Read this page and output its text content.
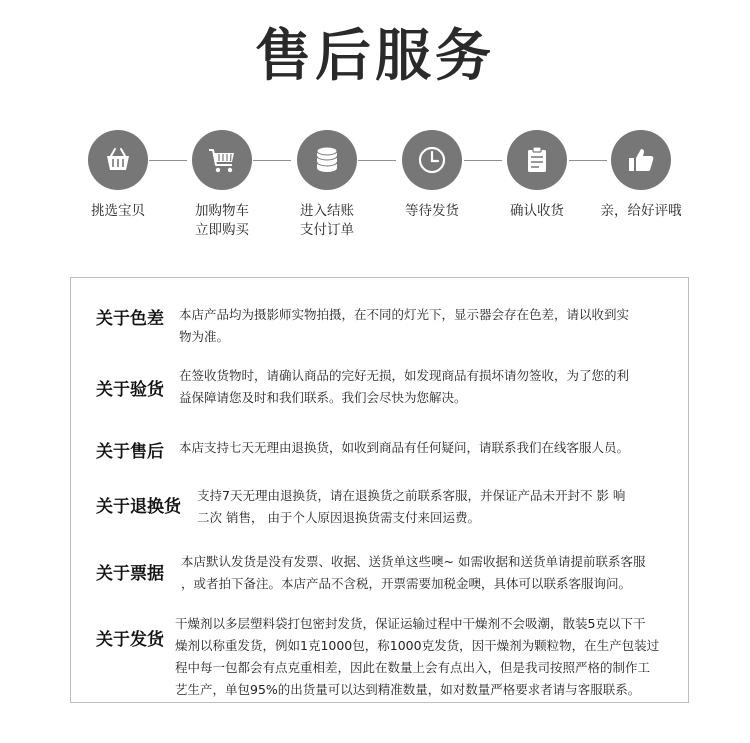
售后服务
挑选宝贝	加购物车
立即购买
进入结账
支付订单
等待发货	确认收货	亲，给好评哦
关于色差 本店产品均为摄影师实物拍摄，在不同的灯光下，显示器会存在色差，请以收到实
物为准。
关于验货
在签收货物时，请确认商品的完好无损，如发现商品有损坏请勿签收，为了您的利
益保障请您及时和我们联系。我们会尽快为您解决。
关于售后 本店支持七天无理由退换货，如收到商品有任何疑问，请联系我们在线客服人员。
关于退换货
支持7天无理由退换货，请在退换货之前联系客服，并保证产品未开封不 影 响
二次 销售， 由于个人原因退换货需支付来回运费。
关于票据
本店默认发货是没有发票、收据、送货单这些噢~ 如需收据和送货单请提前联系客服
，或者拍下备注。本店产品不含税，开票需要加税金噢，具体可以联系客服询问。
关于发货
干燥剂以多层塑料袋打包密封发货，保证运输过程中干燥剂不会吸潮，散装5克以下干
燥剂以称重发货，例如1克1000包，称1000克发货，因干燥剂为颗粒物，在生产包装过
程中每一包都会有点克重相差，因此在数量上会有点出入，但是我司按照严格的制作工
艺生产，单包95%的出货量可以达到精准数量，如对数量严格要求者请与客服联系。
